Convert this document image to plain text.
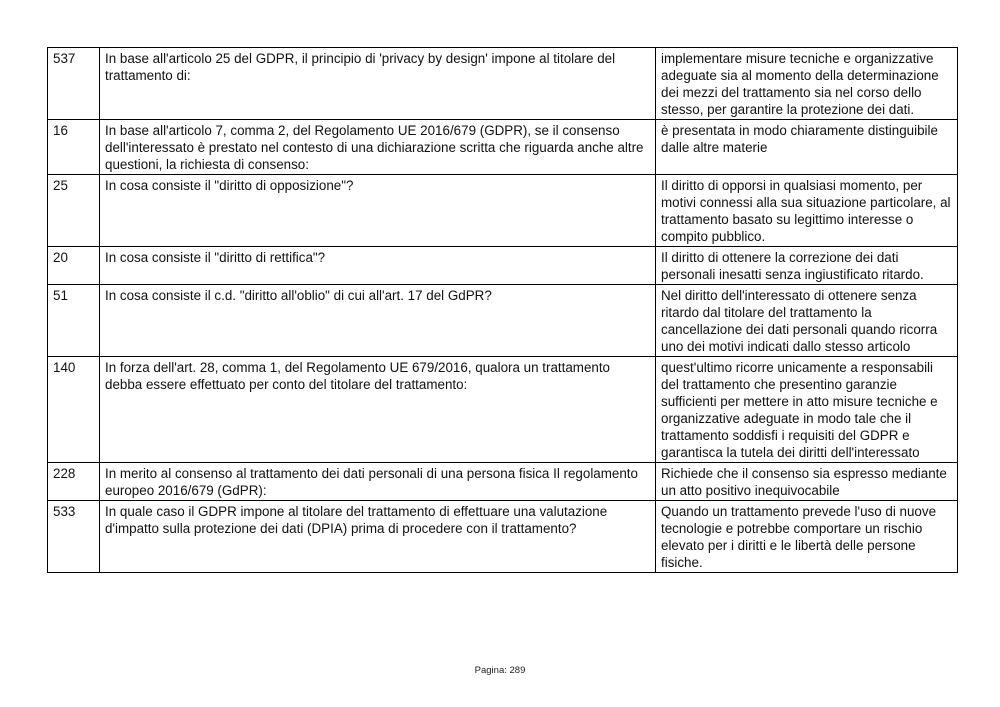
537	In base all'articolo 25 del GDPR, il principio di 'privacy by design' impone al titolare del trattamento di:	implementare misure tecniche e organizzative adeguate sia al momento della determinazione dei mezzi del trattamento sia nel corso dello stesso, per garantire la protezione dei dati.
16	In base all'articolo 7, comma 2, del Regolamento UE 2016/679 (GDPR), se il consenso dell'interessato è prestato nel contesto di una dichiarazione scritta che riguarda anche altre questioni, la richiesta di consenso:	è presentata in modo chiaramente distinguibile dalle altre materie
25	In cosa consiste il "diritto di opposizione"?	Il diritto di opporsi in qualsiasi momento, per motivi connessi alla sua situazione particolare, al trattamento basato su legittimo interesse o compito pubblico.
20	In cosa consiste il "diritto di rettifica"?	Il diritto di ottenere la correzione dei dati personali inesatti senza ingiustificato ritardo.
51	In cosa consiste il c.d. "diritto all'oblio" di cui all'art. 17 del GdPR?	Nel diritto dell'interessato di ottenere senza ritardo dal titolare del trattamento la cancellazione dei dati personali quando ricorra uno dei motivi indicati dallo stesso articolo
140	In forza dell'art. 28, comma 1, del Regolamento UE 679/2016, qualora un trattamento debba essere effettuato per conto del titolare del trattamento:	quest'ultimo ricorre unicamente a responsabili del trattamento che presentino garanzie sufficienti per mettere in atto misure tecniche e organizzative adeguate in modo tale che il trattamento soddisfi i requisiti del GDPR e garantisca la tutela dei diritti dell'interessato
228	In merito al consenso al trattamento dei dati personali di una persona fisica Il regolamento europeo 2016/679 (GdPR):	Richiede che il consenso sia espresso mediante un atto positivo inequivocabile
533	In quale caso il GDPR impone al titolare del trattamento di effettuare una valutazione d'impatto sulla protezione dei dati (DPIA) prima di procedere con il trattamento?	Quando un trattamento prevede l'uso di nuove tecnologie e potrebbe comportare un rischio elevato per i diritti e le libertà delle persone fisiche.
Pagina: 289
